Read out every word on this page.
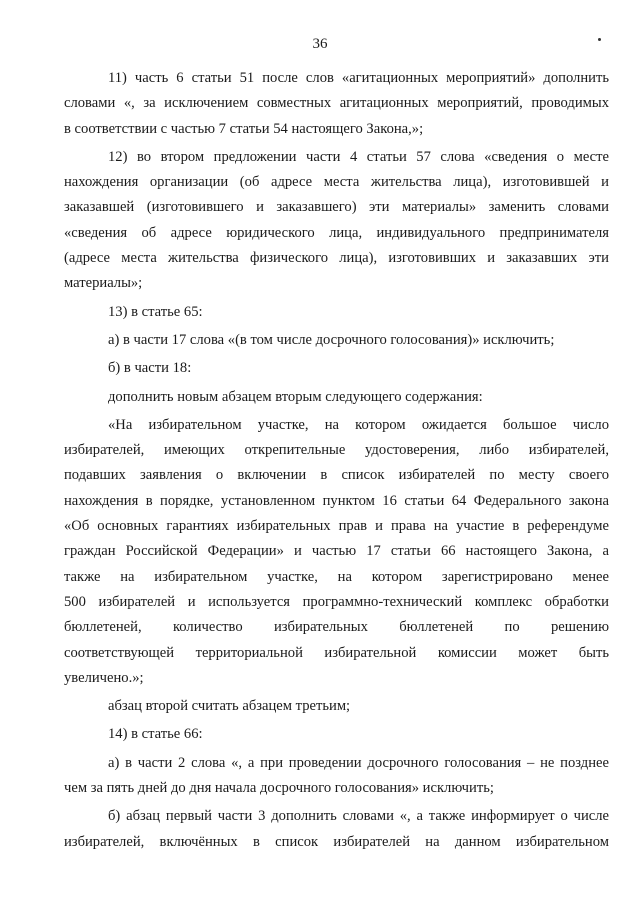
36
11) часть 6 статьи 51 после слов «агитационных мероприятий» дополнить
словами «, за исключением совместных агитационных мероприятий, проводимых
в соответствии с частью 7 статьи 54 настоящего Закона,»;
12) во втором предложении части 4 статьи 57 слова «сведения о месте
нахождения организации (об адресе места жительства лица), изготовившей и
заказавшей (изготовившего и заказавшего) эти материалы» заменить словами
«сведения об адресе юридического лица, индивидуального предпринимателя
(адресе места жительства физического лица), изготовивших и заказавших эти
материалы»;
13) в статье 65:
а) в части 17 слова «(в том числе досрочного голосования)» исключить;
б) в части 18:
дополнить новым абзацем вторым следующего содержания:
«На избирательном участке, на котором ожидается большое число
избирателей, имеющих открепительные удостоверения, либо избирателей,
подавших заявления о включении в список избирателей по месту своего
нахождения в порядке, установленном пунктом 16 статьи 64 Федерального закона
«Об основных гарантиях избирательных прав и права на участие в референдуме
граждан Российской Федерации» и частью 17 статьи 66 настоящего Закона, а
также на избирательном участке, на котором зарегистрировано менее
500 избирателей и используется программно-технический комплекс обработки
бюллетеней, количество избирательных бюллетеней по решению
соответствующей территориальной избирательной комиссии может быть
увеличено.»;
абзац второй считать абзацем третьим;
14) в статье 66:
а) в части 2 слова «, а при проведении досрочного голосования – не позднее
чем за пять дней до дня начала досрочного голосования» исключить;
б) абзац первый части 3 дополнить словами «, а также информирует о числе
избирателей, включённых в список избирателей на данном избирательном
